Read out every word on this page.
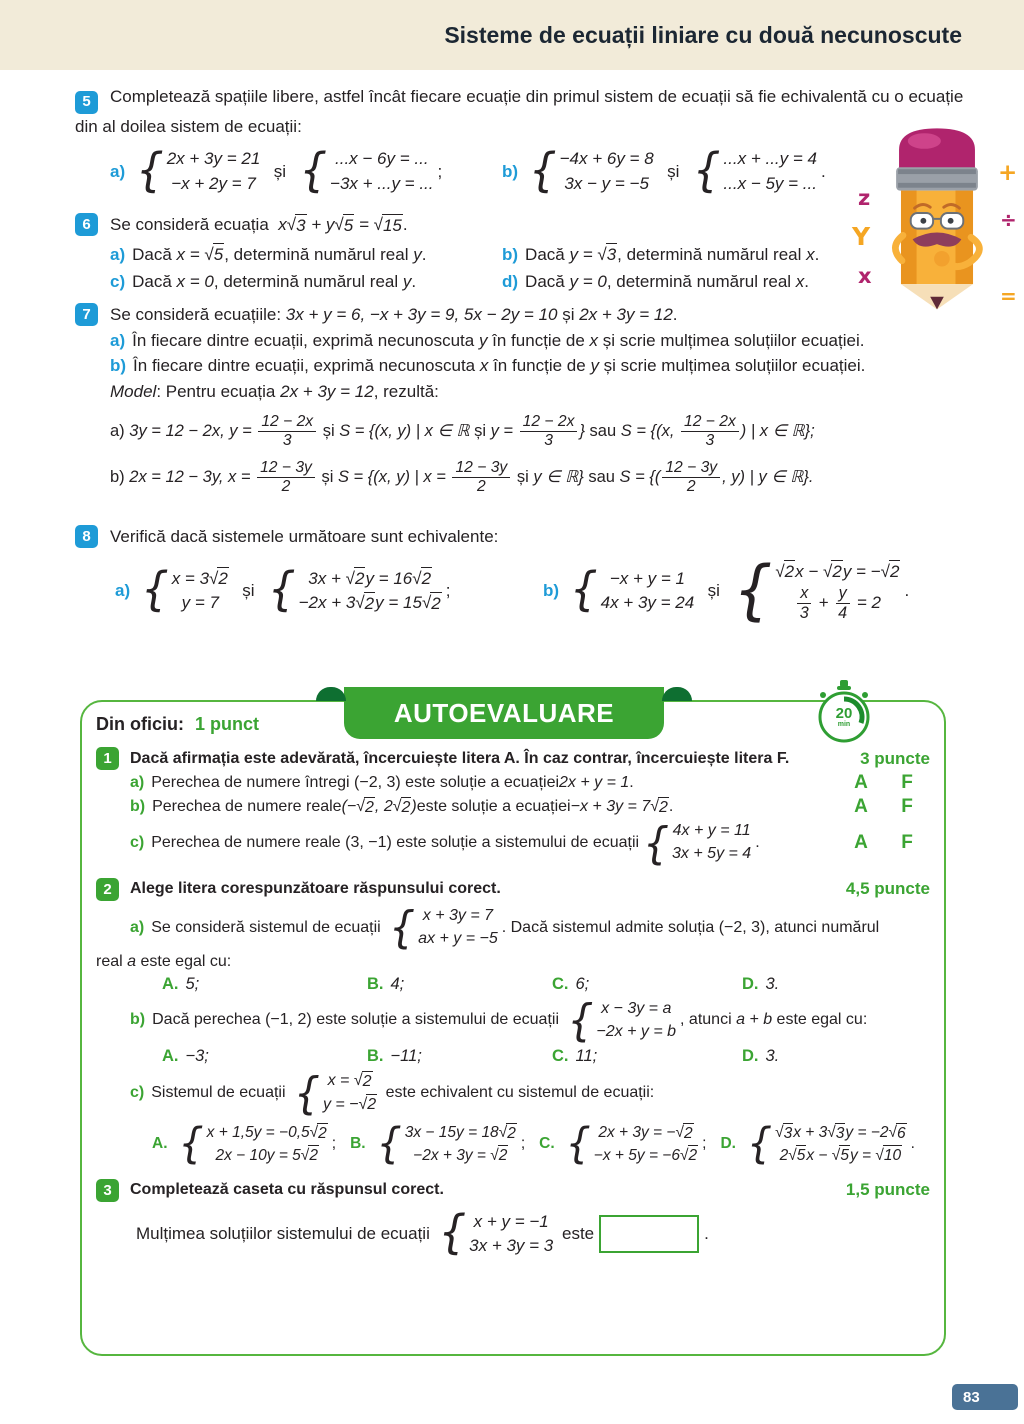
Sisteme de ecuații liniare cu două necunoscute
5 Completează spațiile libere, astfel încât fiecare ecuație din primul sistem de ecuații să fie echivalentă cu o ecuație din al doilea sistem de ecuații:
a) { 2x + 3y = 21
−x + 2y = 7
și { ...x − 6y = ...
−3x + ...y = ...
;	b) { −4x + 6y = 8
3x − y = −5
și { ...x + ...y = 4
...x − 5y = ...
.
z
Y
x
+
÷
=
6	Se consideră ecuația x √ 3 + y √ 5 = √ 15 .
a) Dacă x = √ 5 , determină numărul real y .	b) Dacă y = √ 3 , determină numărul real x .
c) Dacă x = 0 , determină numărul real y .	d) Dacă y = 0 , determină numărul real x .
7	Se consideră ecuațiile: 3x + y = 6, −x + 3y = 9, 5x − 2y = 10 și 2x + 3y = 12 .
a) În fiecare dintre ecuații, exprimă necunoscuta y în funcție de x și scrie mulțimea soluțiilor ecuației.
b) În fiecare dintre ecuații, exprimă necunoscuta x în funcție de y și scrie mulțimea soluțiilor ecuației.
Model : Pentru ecuația 2x + 3y = 12 , rezultă:
a) 3y = 12 − 2x, $y = \frac{12 - 2x}{3}$ și S = {(x, y) | x ∈ ℝ și $y = \frac{12 - 2x}{3}$ } sau S = {(x, $\frac{12 - 2x}{3}$ ) | x ∈ ℝ};
b) 2x = 12 − 3y, $x = \frac{12 - 3y}{2}$ și S = {(x, y) | $x = \frac{12 - 3y}{2}$ și y ∈ ℝ} sau S = {( $\frac{12 - 3y}{2}$ , y) | y ∈ ℝ}.
8	Verifică dacă sistemele următoare sunt echivalente:
a) { x = 3 √ 2
y = 7
și { 3x + √ 2 y = 16 √ 2
−2x + 3 √ 2 y = 15 √ 2
;	b) { −x + y = 1
4x + 3y = 24
și { √ 2 x − √ 2 y = − √ 2
$\frac{x}{3} + \frac{y}{4} = 2$
.
AUTOEVALUARE	20
min
Din oficiu: 1 punct
1	Dacă afirmația este adevărată, încercuiește litera A. În caz contrar, încercuiește litera F.	3 puncte
a) Perechea de numere întregi (−2, 3) este soluție a ecuației 2x + y = 1 .	A	F
b) Perechea de numere reale (− √ 2 , 2 √ 2 ) este soluție a ecuației −x + 3y = 7 √ 2 .	A	F
c) Perechea de numere reale (3, −1) este soluție a sistemului de ecuații { 4x + y = 11
3x + 5y = 4
.	A	F
2	Alege litera corespunzătoare răspunsului corect.	4,5 puncte
a) Se consideră sistemul de ecuații { x + 3y = 7
ax + y = −5
. Dacă sistemul admite soluția (−2, 3), atunci numărul
real a este egal cu:
A. 5;	B. 4;	C. 6;	D. 3.
b) Dacă perechea (−1, 2) este soluție a sistemului de ecuații { x − 3y = a
−2x + y = b
, atunci a + b este egal cu:
A. −3;	B. −11;	C. 11;	D. 3.
c) Sistemul de ecuații { x = √ 2
y = − √ 2
este echivalent cu sistemul de ecuații:
A. { x + 1,5y = −0,5 √ 2
2x − 10y = 5 √ 2
; B. { 3x − 15y = 18 √ 2
−2x + 3y = √ 2
; C. { 2x + 3y = − √ 2
−x + 5y = −6 √ 2
; D. { √ 3 x + 3 √ 3 y = −2 √ 6
2 √ 5 x − √ 5 y = √ 10
.
3	Completează caseta cu răspunsul corect.	1,5 puncte
Mulțimea soluțiilor sistemului de ecuații { x + y = −1
3x + 3y = 3
este	.
83
